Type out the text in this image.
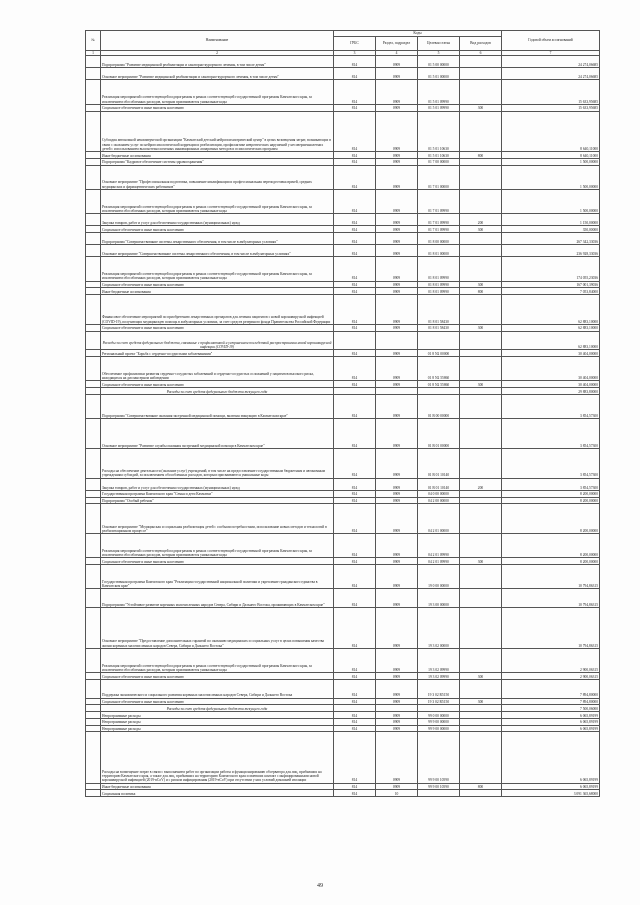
№	Наименование	Коды				Годовой объем ассигнований
		ГРБС	Раздел, подраздел	Целевая статья	Вид расходов	
1	2	3	4	5	6	7
	Подпрограмма "Развитие медицинской реабилитации и санаторно-курортного лечения, в том числе детям"	814	0909	01 5 00 00000		24 274,06685
	Основное мероприятие "Развитие медицинской реабилитации и санаторно-курортного лечения, в том числе детям"	814	0909	01 5 01 00000		24 274,06685
	Реализация мероприятий соответствующей подпрограммы в рамках соответствующей государственной программы Камчатского края, за исключением обособленных расходов, которым присваиваются уникальные коды	814	0909	01 5 01 09990		15 633,95685
	Социальное обеспечение и иные выплаты населению	814	0909	01 5 01 09990	300	15 633,95685
	Субсидия автономной некоммерческой организации "Камчатский детский нейропсихиатрический центр" в целях возмещения затрат, возникающих в связи с оказанием услуг по нейропсихологической коррекции и реабилитации, профилактике невротических нарушений у несовершеннолетних детей с использованием высокотехнологичных инновационных аппаратных методов и психологических программ	814	0909	01 5 01 10630		8 640,11000
	Иные бюджетные ассигнования	814	0909	01 5 01 10630	800	8 640,11000
	Подпрограмма "Кадровое обеспечение системы здравоохранения"	814	0909	01 7 00 00000		1 500,00000
	Основное мероприятие "Профессиональная подготовка, повышение квалификации и профессиональная переподготовка врачей, средних медицинских и фармацевтических работников"	814	0909	01 7 01 00000		1 500,00000
	Реализация мероприятий соответствующей подпрограммы в рамках соответствующей государственной программы Камчатского края, за исключением обособленных расходов, которым присваиваются уникальные коды	814	0909	01 7 01 09990		1 500,00000
	Закупка товаров, работ и услуг для обеспечения государственных (муниципальных) нужд	814	0909	01 7 01 09990	200	1 150,00000
	Социальное обеспечение и иные выплаты населению	814	0909	01 7 01 09990	300	350,00000
	Подпрограмма "Совершенствование системы лекарственного обеспечения, в том числе в амбулаторных условиях"	814	0909	01 8 00 00000		267 342,33036
	Основное мероприятие "Совершенствование системы лекарственного обеспечения, в том числе в амбулаторных условиях"	814	0909	01 8 01 00000		236 928,33036
	Реализация мероприятий соответствующей подпрограммы в рамках соответствующей государственной программы Камчатского края, за исключением обособленных расходов, которым присваиваются уникальные коды	814	0909	01 8 01 09990		174 055,23036
	Социальное обеспечение и иные выплаты населению	814	0909	01 8 01 09990	300	167 001,39036
	Иные бюджетные ассигнования	814	0909	01 8 01 09990	800	7 053,84000
	Финансовое обеспечение мероприятий по приобретению лекарственных препаратов для лечения пациентов с новой коронавирусной инфекцией (COVID-19), получающих медицинскую помощь в амбулаторных условиях, за счет средств резервного фонда Правительства Российской Федерации	814	0909	01 8 01 58430		62 883,10000
	Социальное обеспечение и иные выплаты населению	814	0909	01 8 01 58430	300	62 883,10000
	Расходы за счет средств федерального бюджета, связанные с профилактикой и устранением последствий распространения новой коронавирусной инфекции (COVID-19)					62 883,10000
	Региональный проект "Борьба с сердечно-сосудистыми заболеваниями"	814	0909	01 8 N2 00000		30 404,00000
	Обеспечение профилактики развития сердечно-сосудистых заболеваний и сердечно-сосудистых осложнений у пациентов высокого риска, находящихся на диспансерном наблюдении	814	0909	01 8 N2 55860		30 404,00000
	Социальное обеспечение и иные выплаты населению	814	0909	01 8 N2 55860	300	30 404,00000
	Расходы за счет средств федерального бюджета текущего года					29 883,80000
	Подпрограмма "Совершенствование оказания экстренной медицинской помощи, включая эвакуацию в Камчатском крае"	814	0909	01 В 00 00000		3 854,57300
	Основное мероприятие "Развитие службы оказания экстренной медицинской помощи в Камчатском крае"	814	0909	01 В 01 00000		3 854,57300
	Расходы на обеспечение деятельности (оказание услуг) учреждений, в том числе на предоставление государственным бюджетным и автономным учреждениям субсидий, за исключением обособленных расходов, которым присваиваются уникальные коды	814	0909	01 В 01 10140		3 854,57300
	Закупка товаров, работ и услуг для обеспечения государственных (муниципальных) нужд	814	0909	01 В 01 10140	200	3 854,57300
	Государственная программа Камчатского края "Семья и дети Камчатки"	814	0909	04 0 00 00000		8 200,00000
	Подпрограмма "Особый ребенок"	814	0909	04 2 00 00000		8 200,00000
	Основное мероприятие "Медицинская и социальная реабилитация детей с особыми потребностями, использование новых методов и технологий в реабилитационном процессе"	814	0909	04 2 01 00000		8 200,00000
	Реализация мероприятий соответствующей подпрограммы в рамках соответствующей государственной программы Камчатского края, за исключением обособленных расходов, которым присваиваются уникальные коды	814	0909	04 2 01 09990		8 200,00000
	Социальное обеспечение и иные выплаты населению	814	0909	04 2 01 09990	300	8 200,00000
	Государственная программа Камчатского края "Реализация государственной национальной политики и укрепление гражданского единства в Камчатском крае"	814	0909	19 0 00 00000		10 794,86315
	Подпрограмма "Устойчивое развитие коренных малочисленных народов Севера, Сибири и Дальнего Востока, проживающих в Камчатском крае"	814	0909	19 3 00 00000		10 794,86315
	Основное мероприятие "Предоставление дополнительных гарантий по оказанию медицинских и социальных услуг в целях повышения качества жизни коренных малочисленных народов Севера, Сибири и Дальнего Востока"	814	0909	19 3 02 00000		10 794,86315
	Реализация мероприятий соответствующей подпрограммы в рамках соответствующей государственной программы Камчатского края, за исключением обособленных расходов, которым присваиваются уникальные коды	814	0909	19 3 02 09990		2 900,06315
	Социальное обеспечение и иные выплаты населению	814	0909	19 3 02 09990	300	2 900,06315
	Поддержка экономического и социального развития коренных малочисленных народов Севера, Сибири и Дальнего Востока	814	0909	19 3 02 R5150		7 894,80000
	Социальное обеспечение и иные выплаты населению	814	0909	19 3 02 R5150	300	7 894,80000
	Расходы за счет средств федерального бюджета текущего года					7 500,06000
	Непрограммные расходы	814	0909	99 0 00 00000		6 065,89199
	Непрограммные расходы	814	0909	99 9 00 00000		6 065,89199
	Непрограммные расходы	814	0909	99 9 00 00000		6 065,89199
	Расходы на возмещение затрат в связи с выполнением работ по организации работы и функционированию обсерватора для лиц, прибывших на территорию Камчатского края, а также для лиц, прибывших на территорию Камчатского края и имевших контакт с инфицированными новой коронавирусной инфекцией (2019-nCoV) и с риском инфицирования (2019-nCoV) при отсутствии у них условий домашней изоляции	814	0909	99 9 00 10590		6 065,89199
	Иные бюджетные ассигнования	814	0909	99 9 00 10590	800	6 065,89199
	Социальная политика	814	10			3 091 365,68000
49
